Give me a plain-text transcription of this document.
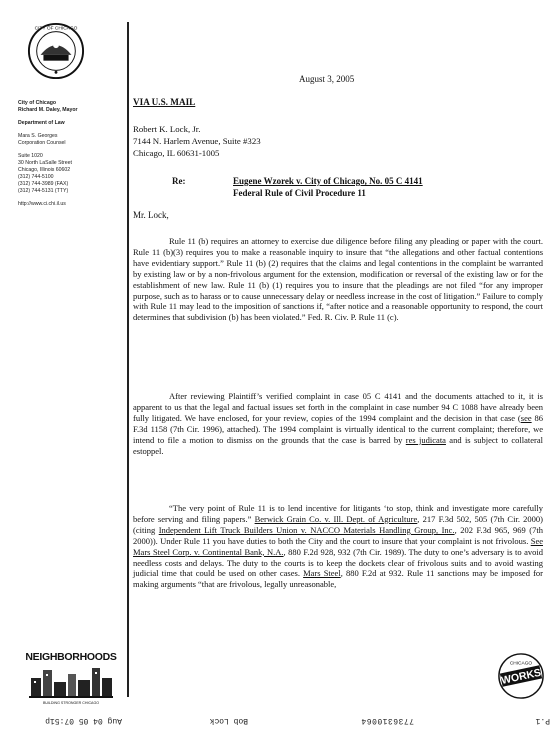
CITY OF CHICAGO
City of Chicago
Richard M. Daley, Mayor
Department of Law
Mara S. Georges
Corporation Counsel
Suite 1020
30 North LaSalle Street
Chicago, Illinois 60602
(312) 744-5100
(312) 744-3989 (FAX)
(312) 744-5131 (TTY)
http://www.ci.chi.il.us
August 3, 2005
VIA U.S. MAIL
Robert K. Lock, Jr.
7144 N. Harlem Avenue, Suite #323
Chicago, IL 60631-1005
Re:	Eugene Wzorek v. City of Chicago, No. 05 C 4141
Federal Rule of Civil Procedure 11
Mr. Lock,
Rule 11 (b) requires an attorney to exercise due diligence before filing any pleading or paper with the court. Rule 11 (b)(3) requires you to make a reasonable inquiry to insure that “the allegations and other factual contentions have evidentiary support.” Rule 11 (b) (2) requires that the claims and legal contentions in the complaint be warranted by existing law or by a non-frivolous argument for the extension, modification or reversal of the existing law or for the establishment of new law. Rule 11 (b) (1) requires you to insure that the pleadings are not filed “for any improper purpose, such as to harass or to cause unnecessary delay or needless increase in the cost of litigation.” Failure to comply with Rule 11 may lead to the imposition of sanctions if, “after notice and a reasonable opportunity to respond, the court determines that subdivision (b) has been violated.” Fed. R. Civ. P. Rule 11 (c).
After reviewing Plaintiff’s verified complaint in case 05 C 4141 and the documents attached to it, it is apparent to us that the legal and factual issues set forth in the complaint in case number 94 C 1088 have already been fully litigated. We have enclosed, for your review, copies of the 1994 complaint and the decision in that case (see 86 F.3d 1158 (7th Cir. 1996), attached). The 1994 complaint is virtually identical to the current complaint; therefore, we intend to file a motion to dismiss on the grounds that the case is barred by res judicata and is subject to collateral estoppel.
“The very point of Rule 11 is to lend incentive for litigants ‘to stop, think and investigate more carefully before serving and filing papers.” Berwick Grain Co. v. Ill. Dept. of Agriculture, 217 F.3d 502, 505 (7th Cir. 2000)(citing Independent Lift Truck Builders Union v. NACCO Materials Handling Group, Inc., 202 F.3d 965, 969 (7th 2000)). Under Rule 11 you have duties to both the City and the court to insure that your complaint is not frivolous. See Mars Steel Corp. v. Continental Bank, N.A., 880 F.2d 928, 932 (7th Cir. 1989). The duty to one’s adversary is to avoid needless costs and delays. The duty to the courts is to keep the dockets clear of frivolous suits and to avoid wasting judicial time that could be used on other cases. Mars Steel, 880 F.2d at 932. Rule 11 sanctions may be imposed for making arguments “that are frivolous, legally unreasonable,
NEIGHBORHOODS
BUILDING STRONGER CHICAGO
CHICAGO
WORKS
Aug 04 05 07:51p	Bob Lock	7736310064	P.1
